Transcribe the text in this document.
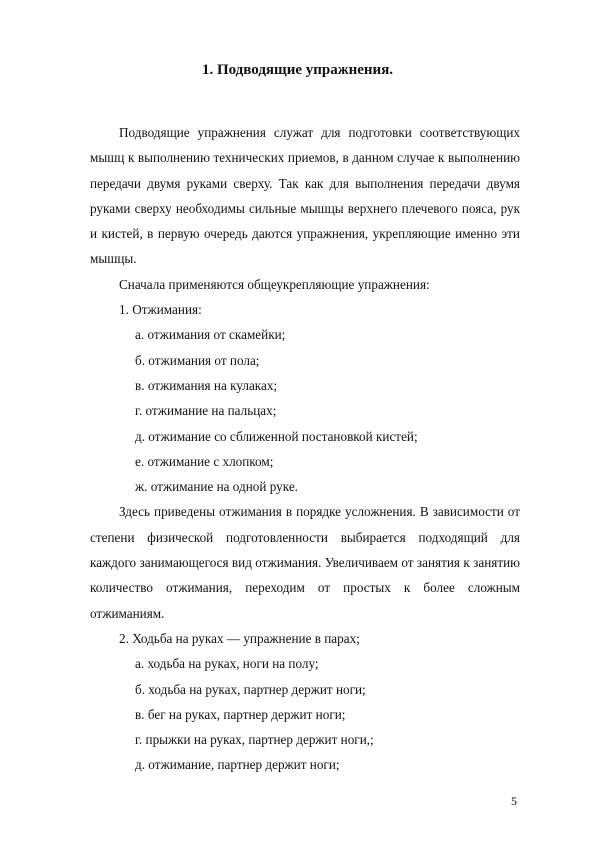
1. Подводящие упражнения.

Подводящие упражнения служат для подготовки соответствующих мышц к выполнению технических приемов, в данном случае к выполнению передачи двумя руками сверху. Так как для выполнения передачи двумя руками сверху необходимы сильные мышцы верхнего плечевого пояса, рук и кистей, в первую очередь даются упражнения, укрепляющие именно эти мышцы.

Сначала применяются общеукрепляющие упражнения:

1. Отжимания:

а. отжимания от скамейки;

б. отжимания от пола;

в. отжимания на кулаках;

г. отжимание на пальцах;

д. отжимание со сближенной постановкой кистей;

е. отжимание с хлопком;

ж. отжимание на одной руке.

Здесь приведены отжимания в порядке усложнения. В зависимости от степени физической подготовленности выбирается подходящий для каждого занимающегося вид отжимания. Увеличиваем от занятия к занятию количество отжимания, переходим от простых к более сложным отжиманиям.

2. Ходьба на руках — упражнение в парах;

а. ходьба на руках, ноги на полу;

б. ходьба на руках, партнер держит ноги;

в. бег на руках, партнер держит ноги;

г. прыжки на руках, партнер держит ноги,;

д. отжимание, партнер держит ноги;

5
